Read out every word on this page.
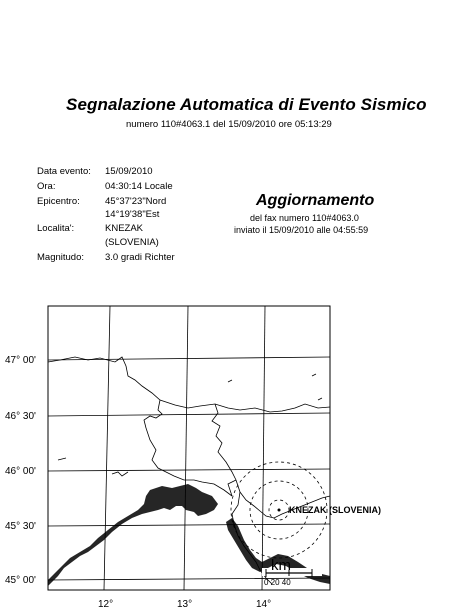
Segnalazione Automatica di Evento Sismico
numero 110#4063.1 del 15/09/2010 ore 05:13:29
Data evento: 15/09/2010
Ora:	04:30:14 Locale
Epicentro:	45°37'23"Nord
14°19'38"Est
Localita':	KNEZAK
(SLOVENIA)
Magnitudo: 3.0 gradi Richter
Aggiornamento
del fax numero 110#4063.0
inviato il 15/09/2010 alle 04:55:59
KNEZAK (SLOVENIA)
km
0 20 40
47° 00'
46° 30'
46° 00'
45° 30'
45° 00'
12°	13°	14°
